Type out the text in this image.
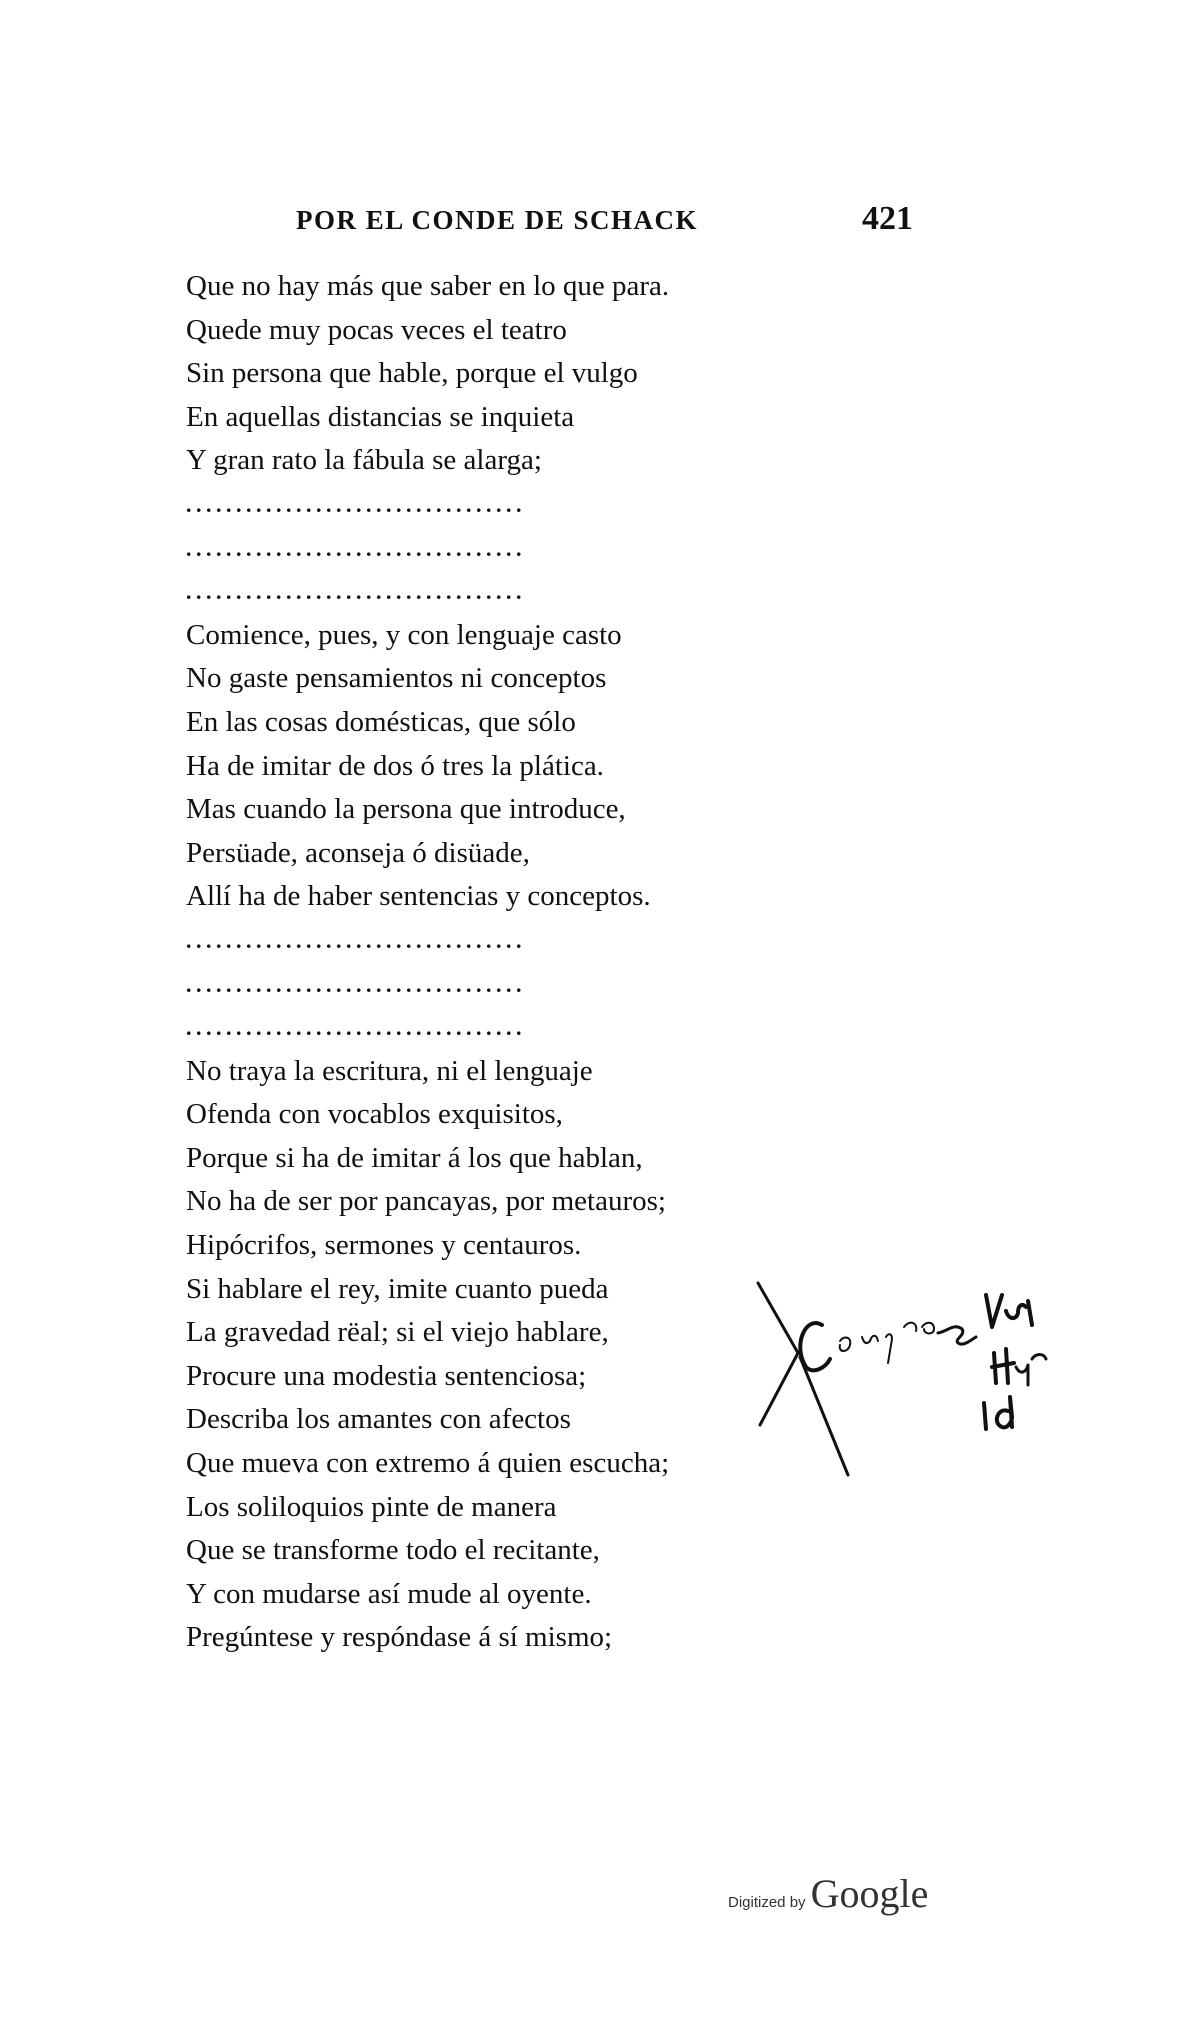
POR EL CONDE DE SCHACK	421
Que no hay más que saber en lo que para.
Quede muy pocas veces el teatro
Sin persona que hable, porque el vulgo
En aquellas distancias se inquieta
Y gran rato la fábula se alarga;
..................................
..................................
..................................
Comience, pues, y con lenguaje casto
No gaste pensamientos ni conceptos
En las cosas domésticas, que sólo
Ha de imitar de dos ó tres la plática.
Mas cuando la persona que introduce,
Persüade, aconseja ó disüade,
Allí ha de haber sentencias y conceptos.
..................................
..................................
..................................
No traya la escritura, ni el lenguaje
Ofenda con vocablos exquisitos,
Porque si ha de imitar á los que hablan,
No ha de ser por pancayas, por metauros;
Hipócrifos, sermones y centauros.
Si hablare el rey, imite cuanto pueda
La gravedad rëal; si el viejo hablare,
Procure una modestia sentenciosa;
Describa los amantes con afectos
Que mueva con extremo á quien escucha;
Los soliloquios pinte de manera
Que se transforme todo el recitante,
Y con mudarse así mude al oyente.
Pregúntese y respóndase á sí mismo;
Digitized by Google
